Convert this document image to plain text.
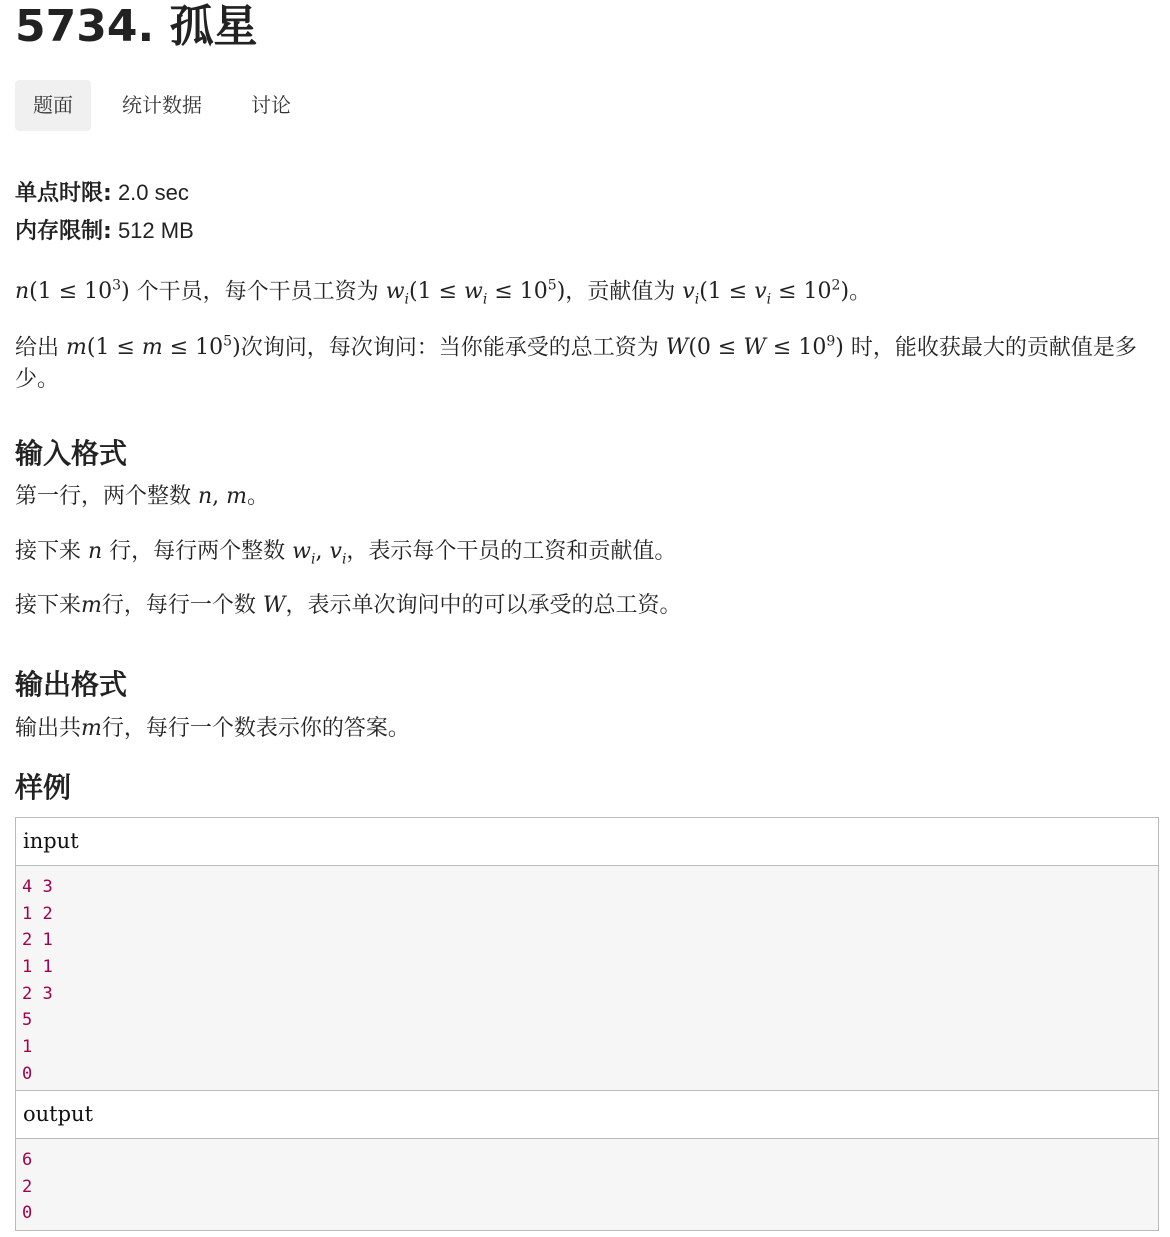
5734. 孤星
题面	统计数据	讨论
单点时限: 2.0 sec
内存限制: 512 MB
$n(1 \le 10^3)$ 个干员，每个干员工资为 $w_i(1 \le w_i \le 10^5)$，贡献值为 $v_i(1 \le v_i \le 10^2)$。
给出 $m(1 \le m \le 10^5)$次询问，每次询问：当你能承受的总工资为 $W(0 \le W \le 10^9)$ 时，能收获最大的贡献值是多少。
输入格式
第一行，两个整数 n, m。
接下来 n 行，每行两个整数 $w_i$, $v_i$，表示每个干员的工资和贡献值。
接下来m行，每行一个数 W，表示单次询问中的可以承受的总工资。
输出格式
输出共m行，每行一个数表示你的答案。
样例
input
4 3
1 2
2 1
1 1
2 3
5
1
0
output
6
2
0
